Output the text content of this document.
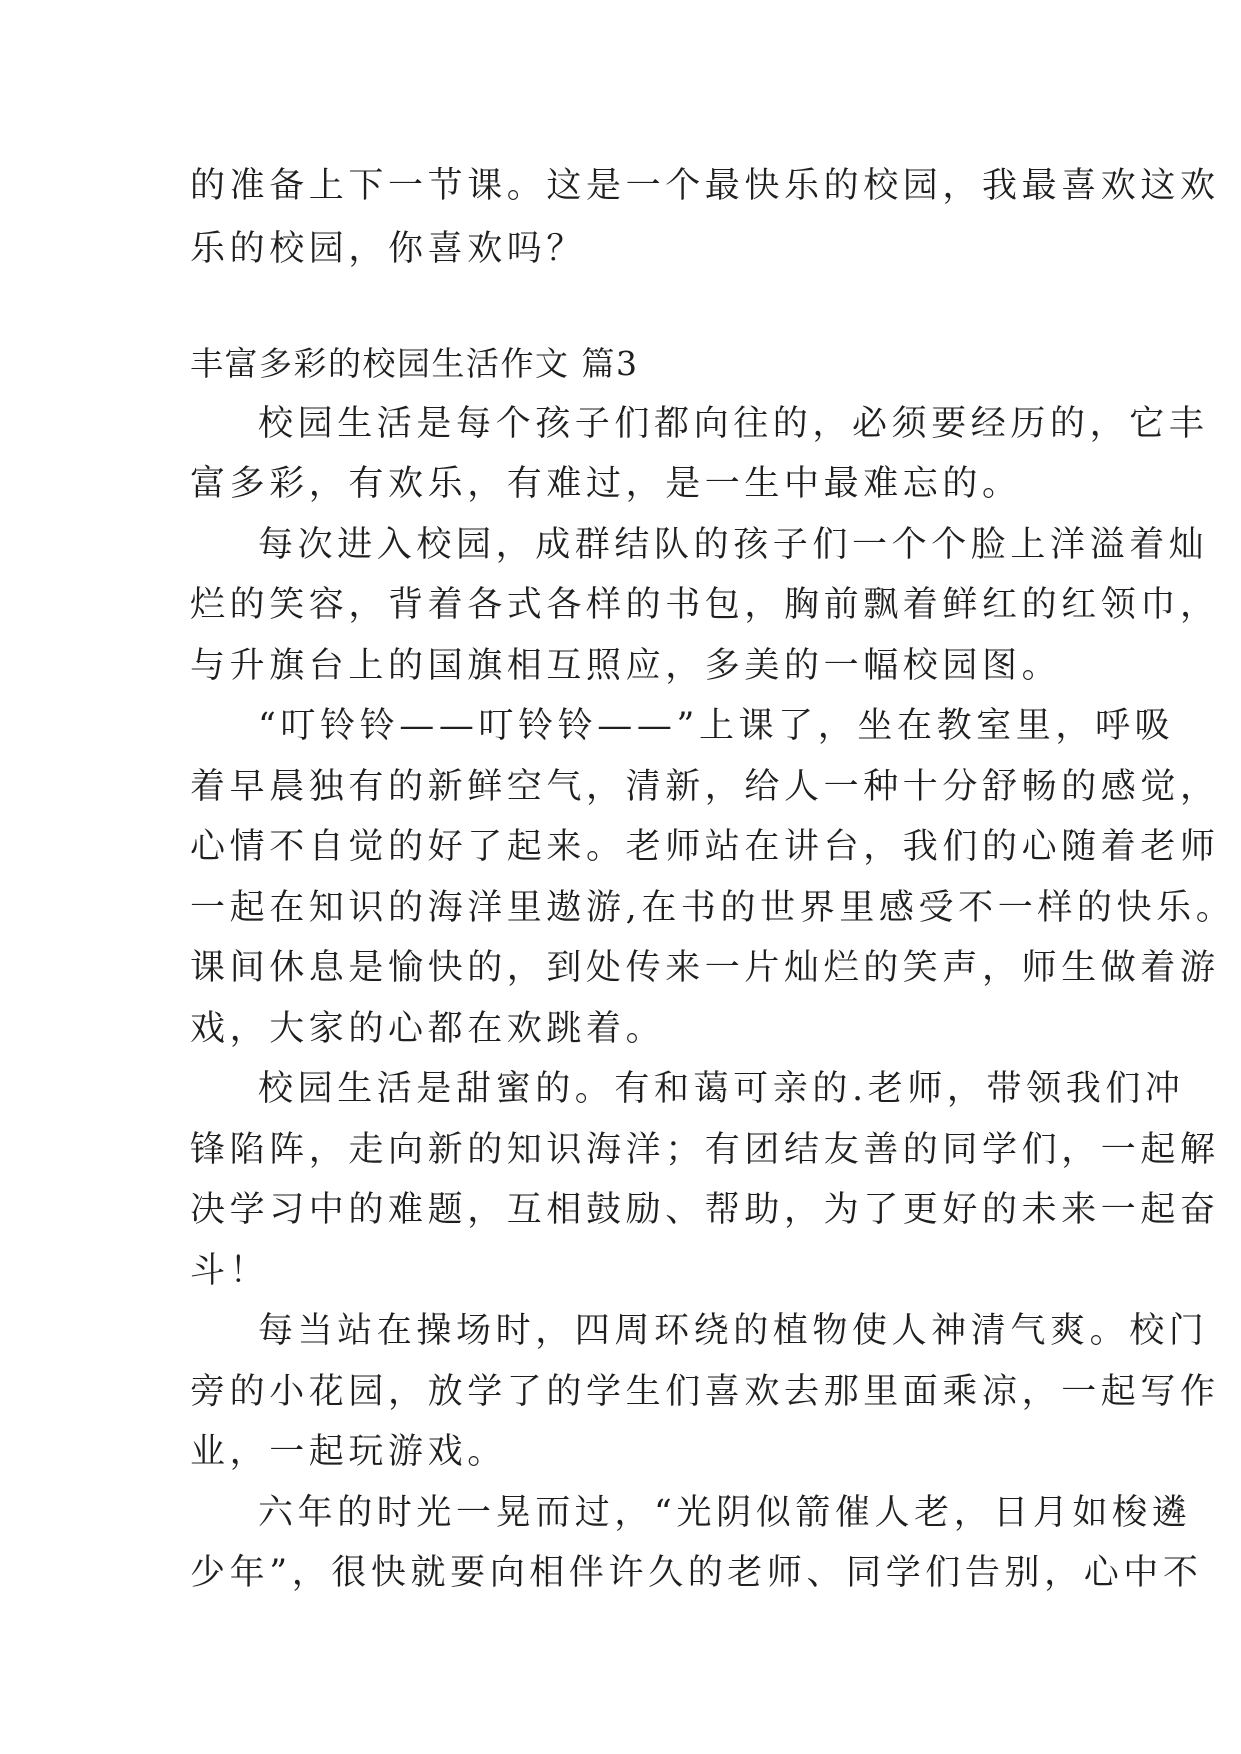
的准备上下一节课。这是一个最快乐的校园，我最喜欢这欢
乐的校园，你喜欢吗？
丰富多彩的校园生活作文 篇3
校园生活是每个孩子们都向往的，必须要经历的，它丰
富多彩，有欢乐，有难过，是一生中最难忘的。
每次进入校园，成群结队的孩子们一个个脸上洋溢着灿
烂的笑容，背着各式各样的书包，胸前飘着鲜红的红领巾，
与升旗台上的国旗相互照应，多美的一幅校园图。
“叮铃铃——叮铃铃——”上课了，坐在教室里，呼吸
着早晨独有的新鲜空气，清新，给人一种十分舒畅的感觉，
心情不自觉的好了起来。老师站在讲台，我们的心随着老师
一起在知识的海洋里遨游,在书的世界里感受不一样的快乐。
课间休息是愉快的，到处传来一片灿烂的笑声，师生做着游
戏，大家的心都在欢跳着。
校园生活是甜蜜的。有和蔼可亲的.老师，带领我们冲
锋陷阵，走向新的知识海洋；有团结友善的同学们，一起解
决学习中的难题，互相鼓励、帮助，为了更好的未来一起奋
斗！
每当站在操场时，四周环绕的植物使人神清气爽。校门
旁的小花园，放学了的学生们喜欢去那里面乘凉，一起写作
业，一起玩游戏。
六年的时光一晃而过，“光阴似箭催人老，日月如梭遴
少年”，很快就要向相伴许久的老师、同学们告别，心中不
